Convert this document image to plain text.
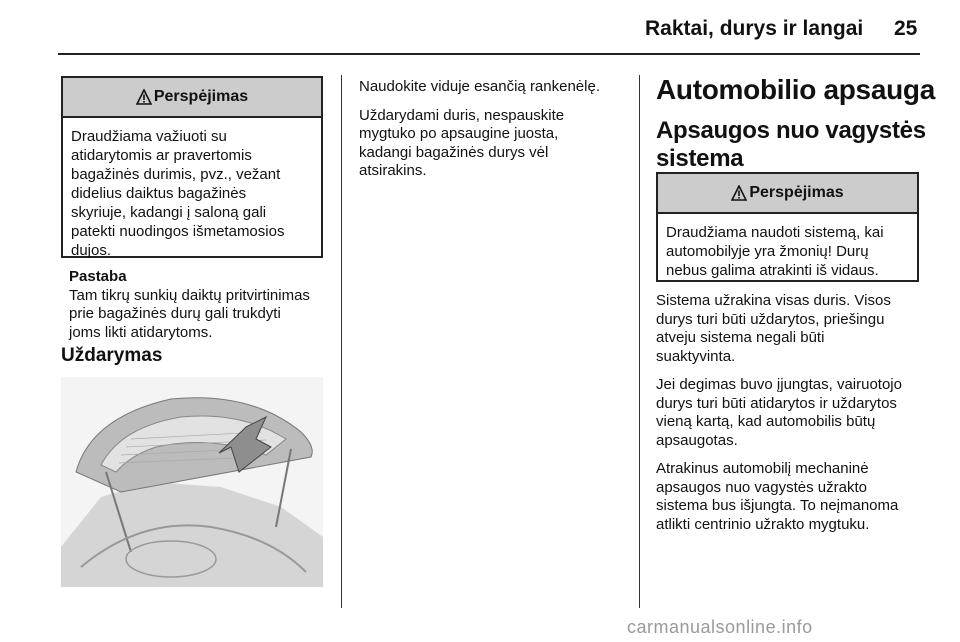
Raktai, durys ir langai 25
Perspėjimas
Draudžiama važiuoti su
atidarytomis ar pravertomis
bagažinės durimis, pvz., vežant
didelius daiktus bagažinės
skyriuje, kadangi į saloną gali
patekti nuodingos išmetamosios
dujos.
Pastaba
Tam tikrų sunkių daiktų pritvirtinimas
prie bagažinės durų gali trukdyti
joms likti atidarytoms.
Uždarymas

Naudokite viduje esančią rankenėlę.

Uždarydami duris, nespauskite
mygtuko po apsaugine juosta,
kadangi bagažinės durys vėl
atsirakins.

Automobilio apsauga
Apsaugos nuo vagystės
sistema
Perspėjimas
Draudžiama naudoti sistemą, kai
automobilyje yra žmonių! Durų
nebus galima atrakinti iš vidaus.

Sistema užrakina visas duris. Visos
durys turi būti uždarytos, priešingu
atveju sistema negali būti
suaktyvinta.

Jei degimas buvo įjungtas, vairuotojo
durys turi būti atidarytos ir uždarytos
vieną kartą, kad automobilis būtų
apsaugotas.

Atrakinus automobilį mechaninė
apsaugos nuo vagystės užrakto
sistema bus išjungta. To neįmanoma
atlikti centrinio užrakto mygtuku.

carmanualsonline.info
